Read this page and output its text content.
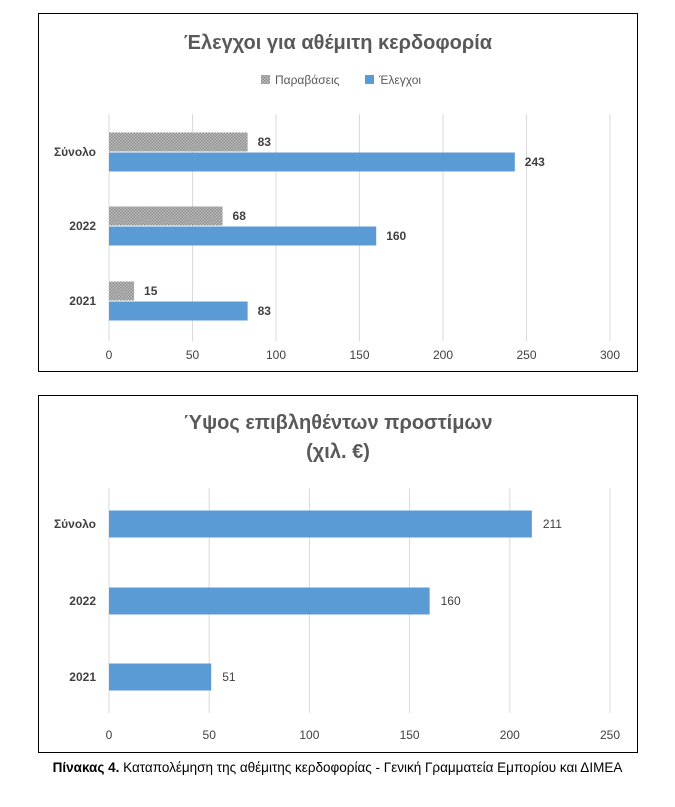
Έλεγχοι για αθέμιτη κερδοφορία
Παραβάσεις	Έλεγχοι
0	50	100	150	200	250	300
Σύνολο
83
243
2022
68
160
2021
15
83
Ύψος επιβληθέντων προστίμων
(χιλ. €)
0	50	100	150	200	250
Σύνολο	211
2022	160
2021	51
Πίνακας 4. Καταπολέμηση της αθέμιτης κερδοφορίας - Γενική Γραμματεία Εμπορίου και ΔΙΜΕΑ
